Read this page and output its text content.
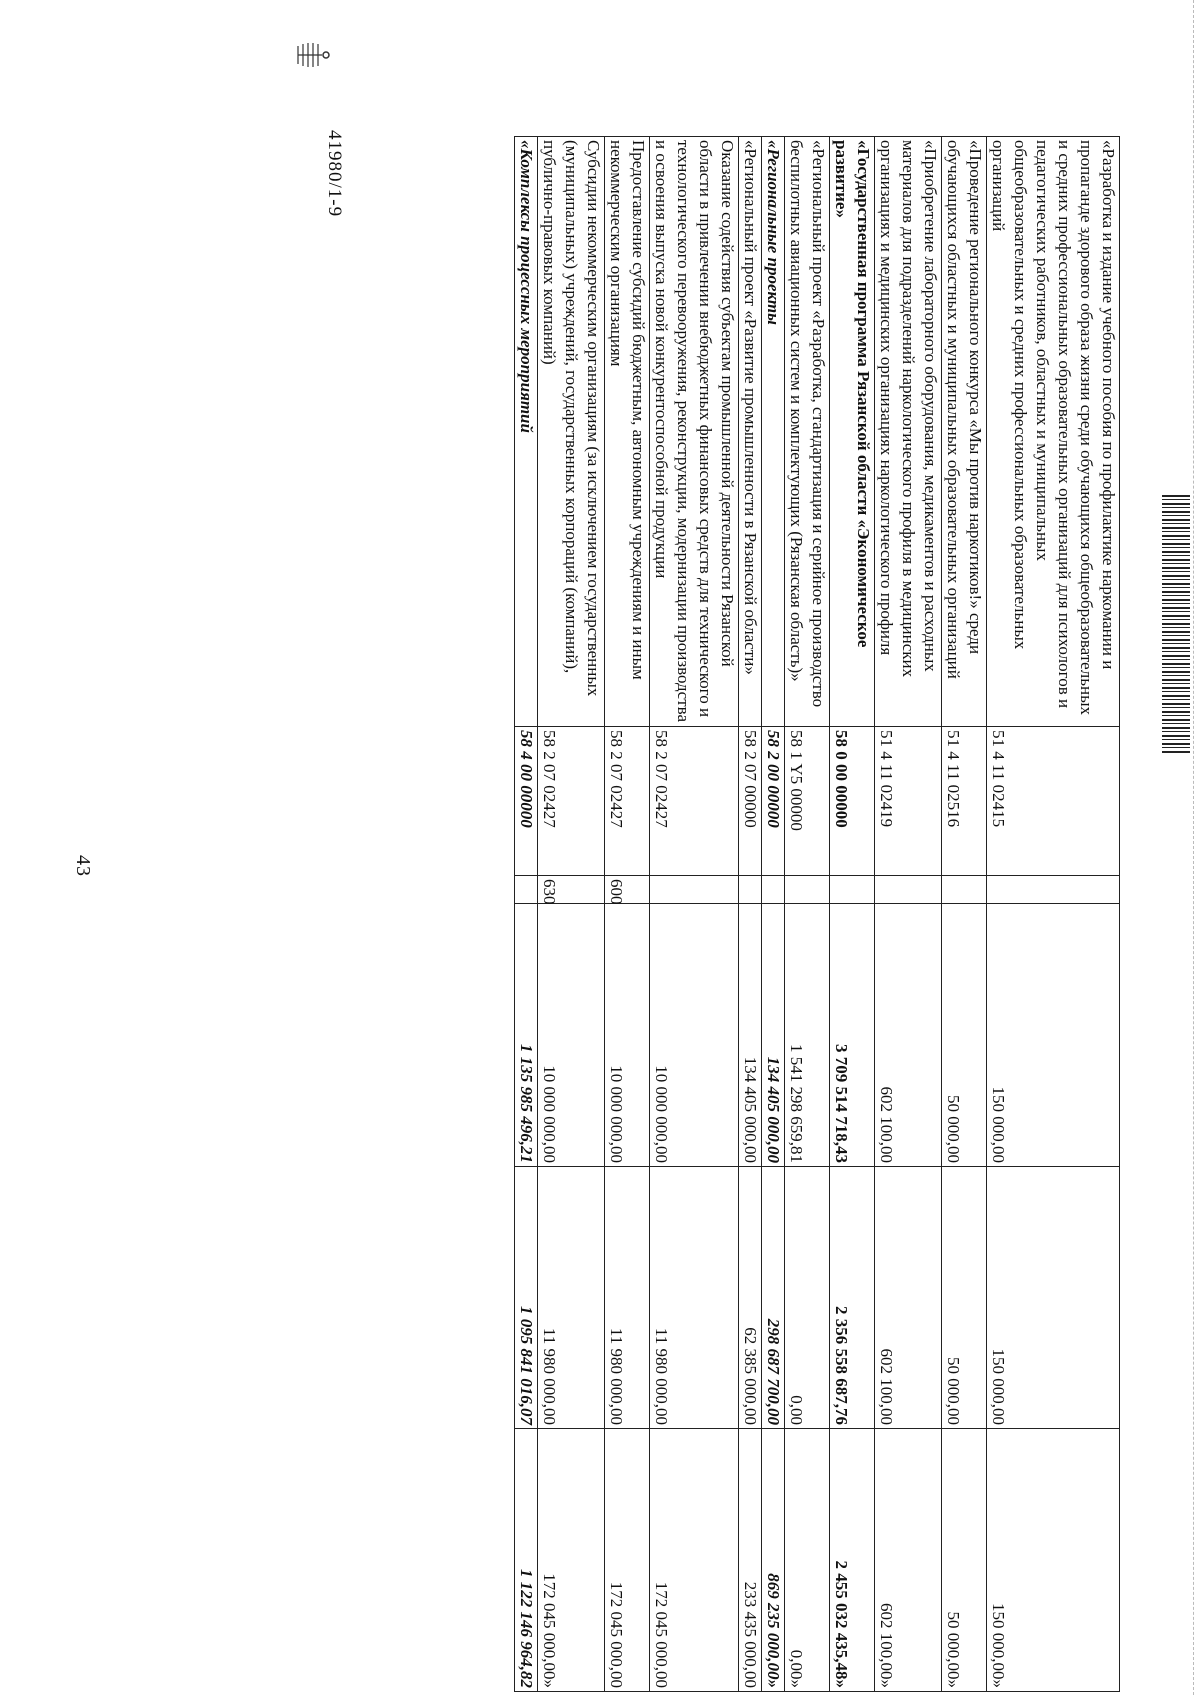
43
«Разработка и издание учебного пособия по профилактике наркомании и пропаганде здорового образа жизни среди обучающихся общеобразовательных и средних профессиональных образовательных организаций для психологов и педагогических работников, областных и муниципальных общеобразовательных и средних профессиональных образовательных организаций	51 4 11 02415		150 000,00	150 000,00	150 000,00»
«Проведение регионального конкурса «Мы против наркотиков!» среди обучающихся областных и муниципальных образовательных организаций	51 4 11 02516		50 000,00	50 000,00	50 000,00»
«Приобретение лабораторного оборудования, медикаментов и расходных материалов для подразделений наркологического профиля в медицинских организациях и медицинских организациях наркологического профиля	51 4 11 02419		602 100,00	602 100,00	602 100,00»
«Государственная программа Рязанской области «Экономическое развитие»	58 0 00 00000		3 709 514 718,43	2 356 558 687,76	2 455 032 435,48»
«Региональный проект «Разработка, стандартизация и серийное производство беспилотных авиационных систем и комплектующих (Рязанская область)»	58 1 Y5 00000		1 541 298 659,81	0,00	0,00»
«Региональные проекты	58 2 00 00000		134 405 000,00	298 687 700,00	869 235 000,00»
«Региональный проект «Развитие промышленности в Рязанской области»	58 2 07 00000		134 405 000,00	62 385 000,00	233 435 000,00
Оказание содействия субъектам промышленной деятельности Рязанской области в привлечении внебюджетных финансовых средств для технического и технологического перевооружения, реконструкции, модернизации производства и освоения выпуска новой конкурентоспособной продукции	58 2 07 02427		10 000 000,00	11 980 000,00	172 045 000,00
Предоставление субсидий бюджетным, автономным учреждениям и иным некоммерческим организациям	58 2 07 02427	600	10 000 000,00	11 980 000,00	172 045 000,00
Субсидии некоммерческим организациям (за исключением государственных (муниципальных) учреждений, государственных корпораций (компаний), публично-правовых компаний)	58 2 07 02427	630	10 000 000,00	11 980 000,00	172 045 000,00»
«Комплексы процессных мероприятий	58 4 00 00000		1 135 985 496,21	1 095 841 016,07	1 122 146 964,82
41980/1-9
